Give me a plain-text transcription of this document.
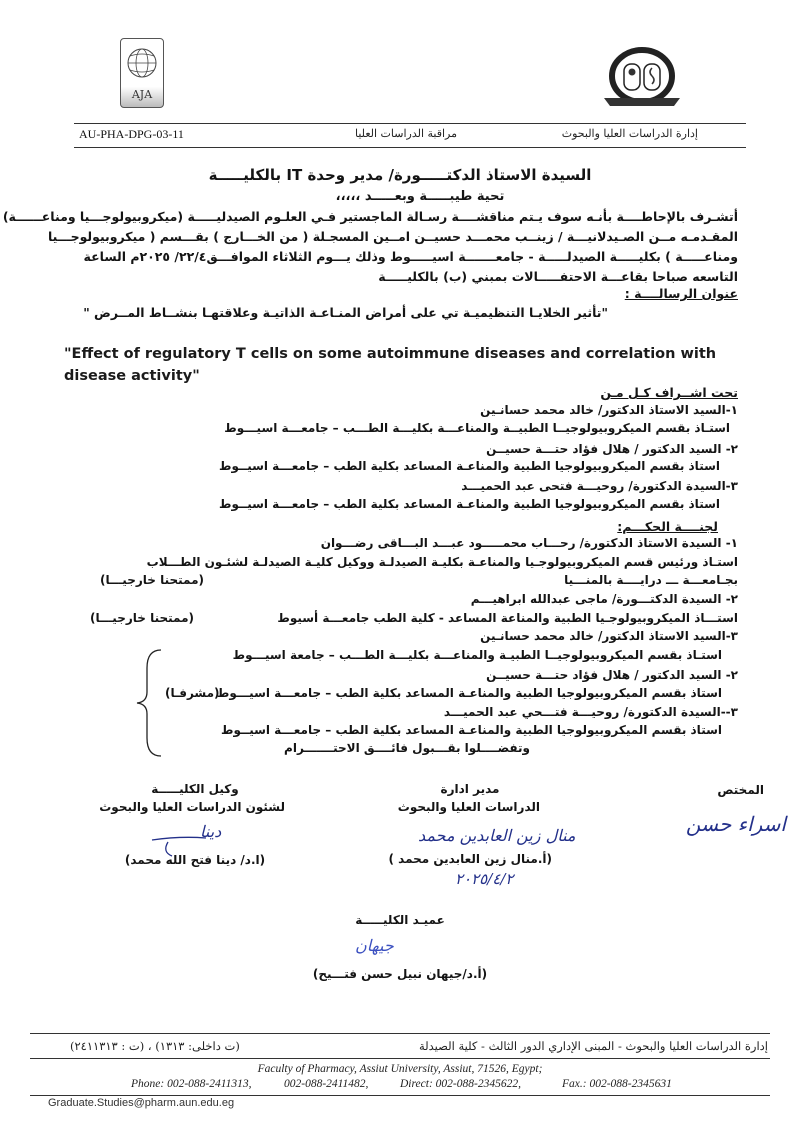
AJA
AU-PHA-DPG-03-11	مراقبة الدراسات العليا	إدارة الدراسات العليا والبحوث
السيدة الاستاذ الدكتـــــورة/ مدير وحدة IT بالكليـــــة
تحية طيبـــــة وبعـــــد ،،،،،
أتشـرف بالإحاطــــة بأنـه سوف يـتم مناقشــــة رسـالة الماجستير فـي العلـوم الصيدليـــــة (ميكروبيولوجـــيا ومناعــــــة)
المقـدمـه مــن الصـيدلانيـــة / زينــب محمـــد حسيــن امــين المسجـلة ( من الخـــارج ) بقـــسم ( ميكروبيولوجـــيا
ومناعـــــة ) بكليـــــة الصيدلـــــة - جامعـــــــة اسيـــــوط وذلك يـــوم الثلاثاء الموافـــق٢٢/٤/ ٢٠٢٥م الساعة
التاسعه صباحا بقاعـــة الاحتفـــــالات بمبني (ب) بالكليـــــة
عنوان الرسالــــة :
"تأثير الخلايـا التنظيميـة تي على أمراض المنـاعـة الذاتيـة وعلاقتهـا بنشــاط المــرض "
"Effect of regulatory T cells on some autoimmune diseases and correlation with disease activity"
تحت اشــراف كـل مـن
١-السيد الاستاذ الدكتور/ خالد محمد حسانـين
استـاذ بقسم الميكروبيولوجيــا الطبيــة والمناعـــة بكليـــة الطـــب – جامعـــة اسيـــوط
٢- السيد الدكتور / هلال فؤاد حتـــة حسيــن
استاذ بقسم الميكروبيولوجيا الطبية والمناعـة المساعد بكلية الطب – جامعـــة اسيــوط
٣-السيدة الدكتورة/ روحيـــة فتحى عبد الحميـــد
استاذ بقسم الميكروبيولوجيا الطبية والمناعـة المساعد بكلية الطب – جامعـــة اسيــوط
لجنــــة الحكـــم:
١- السيدة الاستاذ الدكتورة/ رحـــاب محمـــــود عبـــد البـــاقى رضـــوان
استـاذ ورئيس قسم الميكروبيولوجـيا والمناعـة بكليـة الصيدلـة ووكيل كليـة الصيدلـة لشئـون الطـــلاب
بجـامعـــة ـــ درايــــة بالمنـــيا
(ممتحنا خارجيـــا)
٢- السيدة الدكتـــورة/ ماجى عبدالله ابراهيـــم
استـــاذ الميكروبيولوجـيا الطبية والمناعة المساعد - كلية الطب جامعـــة أسيوط
(ممتحنا خارجيـــا)
٣-السيد الاستاذ الدكتور/ خالد محمد حسانـين
استـاذ بقسم الميكروبيولوجيــا الطبيـة والمناعـــة بكليـــة الطـــب – جامعة اسيـــوط
٢- السيد الدكتور / هلال فؤاد حتـــة حسيــن
استاذ بقسم الميكروبيولوجيا الطبية والمناعـة المساعد بكلية الطب – جامعـــة اسيـــوط
(مشرفـا)
٣--السيدة الدكتورة/ روحيـــة فتـــحي عبد الحميـــد
استاذ بقسم الميكروبيولوجيا الطبية والمناعـة المساعد بكلية الطب – جامعـــة اسيــوط
وتفضــــلوا بقـــبول فائــــق الاحتـــــــرام
المختص
اسراء حسن
مدير ادارة
الدراسات العليا والبحوث
منال زين العابدين محمد
(أ.منال زين العابدين محمد )
٢٠٢٥/٤/٢
وكيل الكليـــــة
لشئون الدراسات العليا والبحوث
دينا
(ا.د/ دينا فتح الله محمد)
عميـد الكليـــــة
جيهان
(أ.د/جيهان نبيل حسن فتـــيح)
إدارة الدراسات العليا والبحوث - المبنى الإداري الدور الثالث - كلية الصيدلة
(ت داخلى: ١٣١٣) ، (ت : ٢٤١١٣١٣)
Faculty of Pharmacy, Assiut University, Assiut, 71526, Egypt;
Phone: 002-088-2411313,	002-088-2411482,	Direct: 002-088-2345622,	Fax.: 002-088-2345631
Graduate.Studies@pharm.aun.edu.eg
